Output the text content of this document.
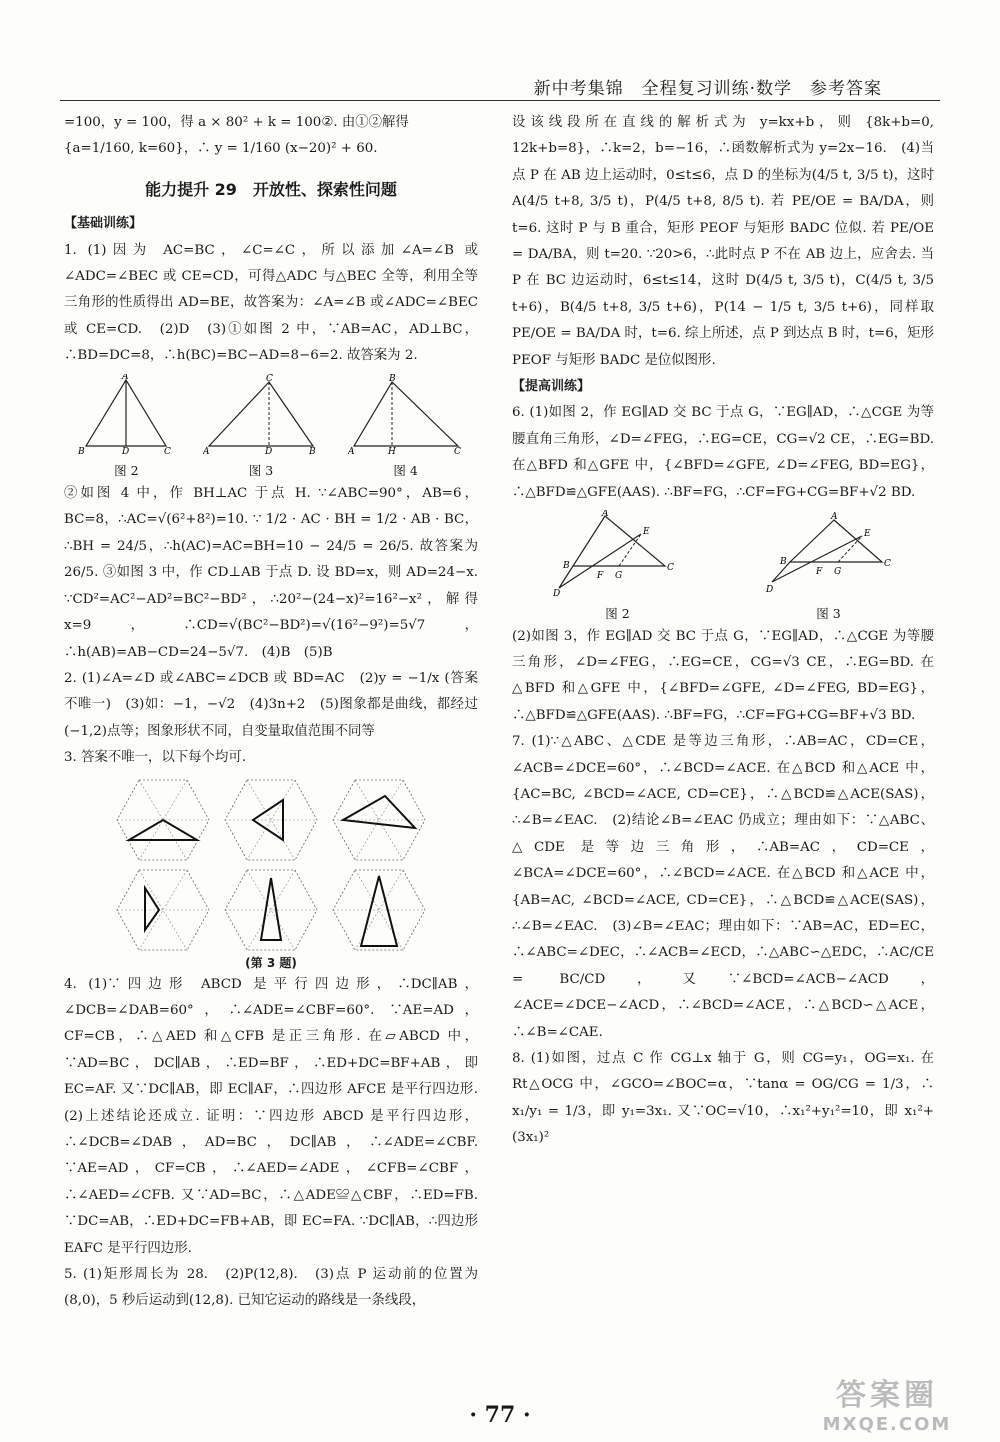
新中考集锦　全程复习训练·数学　参考答案
=100，y = 100，得 a × 80² + k = 100②. 由①②解得
{a=1/160, k=60}，∴ y = 1/160 (x−20)² + 60.
能力提升 29　开放性、探索性问题
【基础训练】
1. (1)因为 AC=BC，∠C=∠C，所以添加∠A=∠B 或∠ADC=∠BEC 或 CE=CD，可得△ADC 与△BEC 全等，利用全等三角形的性质得出 AD=BE，故答案为：∠A=∠B 或∠ADC=∠BEC 或 CE=CD.　(2)D　(3)①如图 2 中，∵AB=AC，AD⊥BC，∴BD=DC=8，∴h(BC)=BC−AD=8−6=2. 故答案为 2.
A
B	D	C
图 2
C
A	D	B
图 3
B
A	H	C
图 4
②如图 4 中，作 BH⊥AC 于点 H. ∵∠ABC=90°，AB=6，BC=8，∴AC=√(6²+8²)=10. ∵ 1/2 · AC · BH = 1/2 · AB · BC，∴BH = 24/5，∴h(AC)=AC=BH=10 − 24/5 = 26/5. 故答案为 26/5. ③如图 3 中，作 CD⊥AB 于点 D. 设 BD=x，则 AD=24−x. ∵CD²=AC²−AD²=BC²−BD²，∴20²−(24−x)²=16²−x²，解得 x=9，∴CD=√(BC²−BD²)=√(16²−9²)=5√7，∴h(AB)=AB−CD=24−5√7.　(4)B　(5)B
2. (1)∠A=∠D 或∠ABC=∠DCB 或 BD=AC　(2)y = −1/x (答案不唯一)　(3)如：−1，−√2　(4)3n+2　(5)图象都是曲线，都经过(−1,2)点等；图象形状不同，自变量取值范围不同等
3. 答案不唯一，以下每个均可.
(第 3 题)
4. (1)∵四边形 ABCD 是平行四边形，∴DC∥AB，∠DCB=∠DAB=60°，∴∠ADE=∠CBF=60°. ∵AE=AD，CF=CB，∴△AED 和△CFB 是正三角形. 在▱ABCD 中，∵AD=BC，DC∥AB，∴ED=BF，∴ED+DC=BF+AB，即 EC=AF. 又∵DC∥AB，即 EC∥AF，∴四边形 AFCE 是平行四边形.　(2)上述结论还成立. 证明：∵四边形 ABCD 是平行四边形，∴∠DCB=∠DAB，AD=BC，DC∥AB，∴∠ADE=∠CBF. ∵AE=AD，CF=CB，∴∠AED=∠ADE，∠CFB=∠CBF，∴∠AED=∠CFB. 又∵AD=BC，∴△ADE≌△CBF，∴ED=FB. ∵DC=AB，∴ED+DC=FB+AB，即 EC=FA. ∵DC∥AB，∴四边形 EAFC 是平行四边形.
5. (1)矩形周长为 28.　(2)P(12,8).　(3)点 P 运动前的位置为(8,0)，5 秒后运动到(12,8). 已知它运动的路线是一条线段，
设该线段所在直线的解析式为 y=kx+b，则 {8k+b=0, 12k+b=8}，∴k=2，b=−16，∴函数解析式为 y=2x−16.　(4)当点 P 在 AB 边上运动时，0≤t≤6，点 D 的坐标为(4/5 t, 3/5 t)，这时 A(4/5 t+8, 3/5 t)，P(4/5 t+8, 8/5 t). 若 PE/OE = BA/DA，则 t=6. 这时 P 与 B 重合，矩形 PEOF 与矩形 BADC 位似. 若 PE/OE = DA/BA，则 t=20. ∵20>6，∴此时点 P 不在 AB 边上，应舍去. 当 P 在 BC 边运动时，6≤t≤14，这时 D(4/5 t, 3/5 t)，C(4/5 t, 3/5 t+6)，B(4/5 t+8, 3/5 t+6)，P(14 − 1/5 t, 3/5 t+6)，同样取 PE/OE = BA/DA 时，t=6. 综上所述，点 P 到达点 B 时，t=6，矩形 PEOF 与矩形 BADC 是位似图形.
【提高训练】
6. (1)如图 2，作 EG∥AD 交 BC 于点 G，∵EG∥AD，∴△CGE 为等腰直角三角形，∠D=∠FEG，∴EG=CE，CG=√2 CE，∴EG=BD. 在△BFD 和△GFE 中，{∠BFD=∠GFE, ∠D=∠FEG, BD=EG}，∴△BFD≌△GFE(AAS). ∴BF=FG，∴CF=FG+CG=BF+√2 BD.
A
B	C
D
E
F G
图 2
A
B	C
D
E
F G
图 3
(2)如图 3，作 EG∥AD 交 BC 于点 G，∵EG∥AD，∴△CGE 为等腰三角形，∠D=∠FEG，∴EG=CE，CG=√3 CE，∴EG=BD. 在△BFD 和△GFE 中，{∠BFD=∠GFE, ∠D=∠FEG, BD=EG}，∴△BFD≌△GFE(AAS). ∴BF=FG，∴CF=FG+CG=BF+√3 BD.
7. (1)∵△ABC、△CDE 是等边三角形，∴AB=AC，CD=CE，∠ACB=∠DCE=60°，∴∠BCD=∠ACE. 在△BCD 和△ACE 中，{AC=BC, ∠BCD=∠ACE, CD=CE}，∴△BCD≌△ACE(SAS)，∴∠B=∠EAC.　(2)结论∠B=∠EAC 仍成立；理由如下：∵△ABC、△CDE 是等边三角形，∴AB=AC，CD=CE，∠BCA=∠DCE=60°，∴∠BCD=∠ACE. 在△BCD 和△ACE 中，{AB=AC, ∠BCD=∠ACE, CD=CE}，∴△BCD≌△ACE(SAS)，∴∠B=∠EAC.　(3)∠B=∠EAC；理由如下：∵AB=AC，ED=EC，∴∠ABC=∠DEC，∴∠ACB=∠ECD，∴△ABC∽△EDC，∴AC/CE = BC/CD，又∵∠BCD=∠ACB−∠ACD，∠ACE=∠DCE−∠ACD，∴∠BCD=∠ACE，∴△BCD∽△ACE，∴∠B=∠CAE.
8. (1)如图，过点 C 作 CG⊥x 轴于 G，则 CG=y₁，OG=x₁. 在 Rt△OCG 中，∠GCO=∠BOC=α，∵tanα = OG/CG = 1/3，∴ x₁/y₁ = 1/3，即 y₁=3x₁. 又∵OC=√10，∴x₁²+y₁²=10，即 x₁²+(3x₁)²
· 77 ·
答案圈
MXQE.COM
